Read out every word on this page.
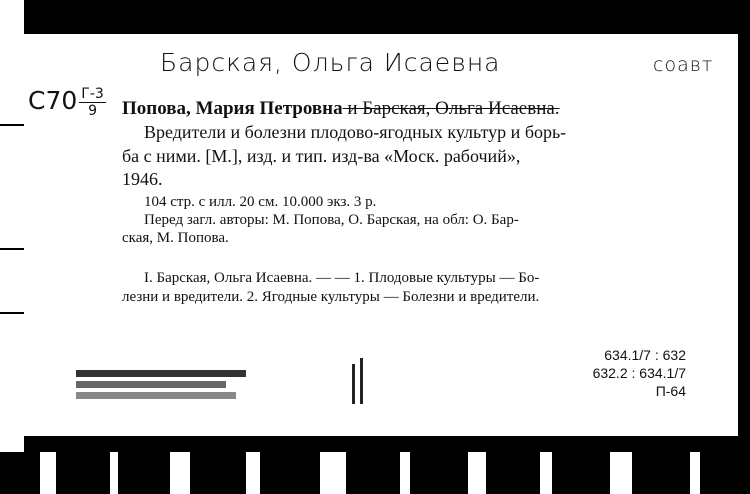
Барская, Ольга Исаевна	соавт
$С70 \frac{Г-3}{9}$ Попова, Мария Петровна и Барская, Ольга Исаевна.
Вредители и болезни плодово-ягодных культур и борь-
ба с ними. [М.], изд. и тип. изд-ва «Моск. рабочий»,
1946.
104 стр. с илл. 20 см. 10.000 экз. 3 р.
Перед загл. авторы: М. Попова, О. Барская, на обл: О. Бар-
ская, М. Попова.
I. Барская, Ольга Исаевна. — — 1. Плодовые культуры — Бо-
лезни и вредители. 2. Ягодные культуры — Болезни и вредители.
634.1/7 : 632
632.2 : 634.1/7
П-64
